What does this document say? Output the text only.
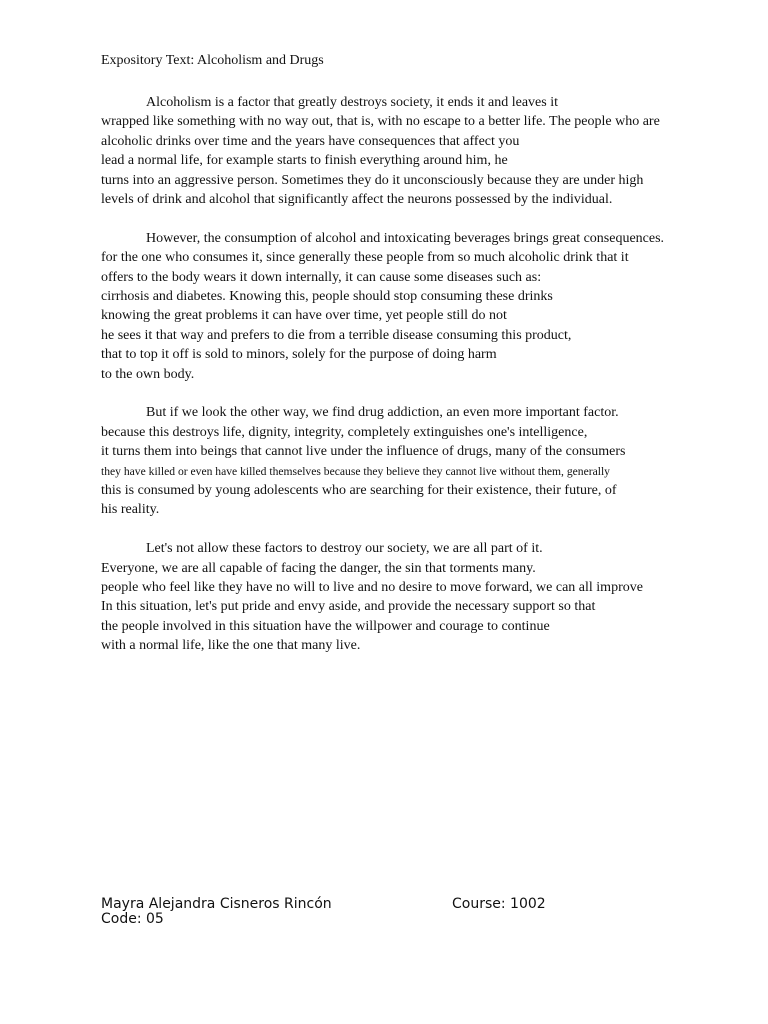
Expository Text: Alcoholism and Drugs
Alcoholism is a factor that greatly destroys society, it ends it and leaves it
wrapped like something with no way out, that is, with no escape to a better life. The people who are
alcoholic drinks over time and the years have consequences that affect you
lead a normal life, for example starts to finish everything around him, he
turns into an aggressive person. Sometimes they do it unconsciously because they are under high
levels of drink and alcohol that significantly affect the neurons possessed by the individual.
However, the consumption of alcohol and intoxicating beverages brings great consequences.
for the one who consumes it, since generally these people from so much alcoholic drink that it
offers to the body wears it down internally, it can cause some diseases such as:
cirrhosis and diabetes. Knowing this, people should stop consuming these drinks
knowing the great problems it can have over time, yet people still do not
he sees it that way and prefers to die from a terrible disease consuming this product,
that to top it off is sold to minors, solely for the purpose of doing harm
to the own body.
But if we look the other way, we find drug addiction, an even more important factor.
because this destroys life, dignity, integrity, completely extinguishes one's intelligence,
it turns them into beings that cannot live under the influence of drugs, many of the consumers
they have killed or even have killed themselves because they believe they cannot live without them, generally
this is consumed by young adolescents who are searching for their existence, their future, of
his reality.
Let's not allow these factors to destroy our society, we are all part of it.
Everyone, we are all capable of facing the danger, the sin that torments many.
people who feel like they have no will to live and no desire to move forward, we can all improve
In this situation, let's put pride and envy aside, and provide the necessary support so that
the people involved in this situation have the willpower and courage to continue
with a normal life, like the one that many live.
Mayra Alejandra Cisneros Rincón	Course: 1002
Code: 05
